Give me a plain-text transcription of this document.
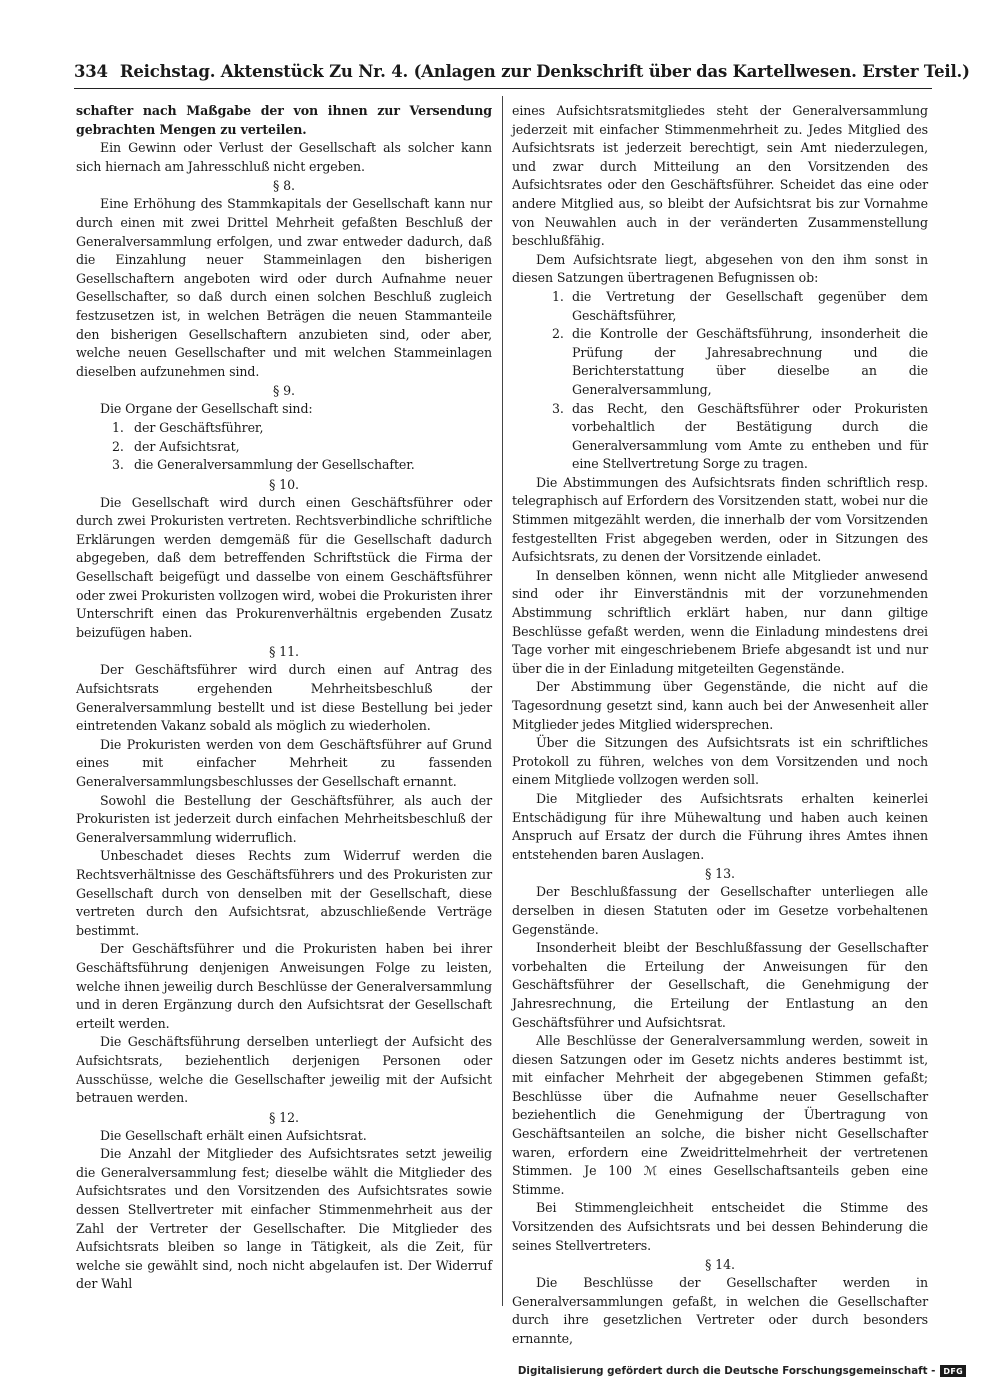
334 Reichstag. Aktenstück Zu Nr. 4. (Anlagen zur Denkschrift über das Kartellwesen. Erster Teil.)

schafter nach Maßgabe der von ihnen zur Versendung gebrachten Mengen zu verteilen.

Ein Gewinn oder Verlust der Gesellschaft als solcher kann sich hiernach am Jahresschluß nicht ergeben.

§ 8.

Eine Erhöhung des Stammkapitals der Gesellschaft kann nur durch einen mit zwei Drittel Mehrheit gefaßten Beschluß der Generalversammlung erfolgen, und zwar entweder dadurch, daß die Einzahlung neuer Stammeinlagen den bisherigen Gesellschaftern angeboten wird oder durch Aufnahme neuer Gesellschafter, so daß durch einen solchen Beschluß zugleich festzusetzen ist, in welchen Beträgen die neuen Stammanteile den bisherigen Gesellschaftern anzubieten sind, oder aber, welche neuen Gesellschafter und mit welchen Stammeinlagen dieselben aufzunehmen sind.

§ 9.

Die Organe der Gesellschaft sind:

1. der Geschäftsführer,
2. der Aufsichtsrat,
3. die Generalversammlung der Gesellschafter.
§ 10.

Die Gesellschaft wird durch einen Geschäftsführer oder durch zwei Prokuristen vertreten. Rechtsverbindliche schriftliche Erklärungen werden demgemäß für die Gesellschaft dadurch abgegeben, daß dem betreffenden Schriftstück die Firma der Gesellschaft beigefügt und dasselbe von einem Geschäftsführer oder zwei Prokuristen vollzogen wird, wobei die Prokuristen ihrer Unterschrift einen das Prokurenverhältnis ergebenden Zusatz beizufügen haben.

§ 11.

Der Geschäftsführer wird durch einen auf Antrag des Aufsichtsrats ergehenden Mehrheitsbeschluß der Generalversammlung bestellt und ist diese Bestellung bei jeder eintretenden Vakanz sobald als möglich zu wiederholen.

Die Prokuristen werden von dem Geschäftsführer auf Grund eines mit einfacher Mehrheit zu fassenden Generalversammlungsbeschlusses der Gesellschaft ernannt.

Sowohl die Bestellung der Geschäftsführer, als auch der Prokuristen ist jederzeit durch einfachen Mehrheitsbeschluß der Generalversammlung widerruflich.

Unbeschadet dieses Rechts zum Widerruf werden die Rechtsverhältnisse des Geschäftsführers und des Prokuristen zur Gesellschaft durch von denselben mit der Gesellschaft, diese vertreten durch den Aufsichtsrat, abzuschließende Verträge bestimmt.

Der Geschäftsführer und die Prokuristen haben bei ihrer Geschäftsführung denjenigen Anweisungen Folge zu leisten, welche ihnen jeweilig durch Beschlüsse der Generalversammlung und in deren Ergänzung durch den Aufsichtsrat der Gesellschaft erteilt werden.

Die Geschäftsführung derselben unterliegt der Aufsicht des Aufsichtsrats, beziehentlich derjenigen Personen oder Ausschüsse, welche die Gesellschafter jeweilig mit der Aufsicht betrauen werden.

§ 12.

Die Gesellschaft erhält einen Aufsichtsrat.

Die Anzahl der Mitglieder des Aufsichtsrates setzt jeweilig die Generalversammlung fest; dieselbe wählt die Mitglieder des Aufsichtsrates und den Vorsitzenden des Aufsichtsrates sowie dessen Stellvertreter mit einfacher Stimmenmehrheit aus der Zahl der Vertreter der Gesellschafter. Die Mitglieder des Aufsichtsrats bleiben so lange in Tätigkeit, als die Zeit, für welche sie gewählt sind, noch nicht abgelaufen ist. Der Widerruf der Wahl

eines Aufsichtsratsmitgliedes steht der Generalversammlung jederzeit mit einfacher Stimmenmehrheit zu. Jedes Mitglied des Aufsichtsrats ist jederzeit berechtigt, sein Amt niederzulegen, und zwar durch Mitteilung an den Vorsitzenden des Aufsichtsrates oder den Geschäftsführer. Scheidet das eine oder andere Mitglied aus, so bleibt der Aufsichtsrat bis zur Vornahme von Neuwahlen auch in der veränderten Zusammenstellung beschlußfähig.

Dem Aufsichtsrate liegt, abgesehen von den ihm sonst in diesen Satzungen übertragenen Befugnissen ob:

1. die Vertretung der Gesellschaft gegenüber dem Geschäftsführer,
2. die Kontrolle der Geschäftsführung, insonderheit die Prüfung der Jahresabrechnung und die Berichterstattung über dieselbe an die Generalversammlung,
3. das Recht, den Geschäftsführer oder Prokuristen vorbehaltlich der Bestätigung durch die Generalversammlung vom Amte zu entheben und für eine Stellvertretung Sorge zu tragen.

Die Abstimmungen des Aufsichtsrats finden schriftlich resp. telegraphisch auf Erfordern des Vorsitzenden statt, wobei nur die Stimmen mitgezählt werden, die innerhalb der vom Vorsitzenden festgestellten Frist abgegeben werden, oder in Sitzungen des Aufsichtsrats, zu denen der Vorsitzende einladet.

In denselben können, wenn nicht alle Mitglieder anwesend sind oder ihr Einverständnis mit der vorzunehmenden Abstimmung schriftlich erklärt haben, nur dann giltige Beschlüsse gefaßt werden, wenn die Einladung mindestens drei Tage vorher mit eingeschriebenem Briefe abgesandt ist und nur über die in der Einladung mitgeteilten Gegenstände.

Der Abstimmung über Gegenstände, die nicht auf die Tagesordnung gesetzt sind, kann auch bei der Anwesenheit aller Mitglieder jedes Mitglied widersprechen.

Über die Sitzungen des Aufsichtsrats ist ein schriftliches Protokoll zu führen, welches von dem Vorsitzenden und noch einem Mitgliede vollzogen werden soll.

Die Mitglieder des Aufsichtsrats erhalten keinerlei Entschädigung für ihre Mühewaltung und haben auch keinen Anspruch auf Ersatz der durch die Führung ihres Amtes ihnen entstehenden baren Auslagen.

§ 13.

Der Beschlußfassung der Gesellschafter unterliegen alle derselben in diesen Statuten oder im Gesetze vorbehaltenen Gegenstände.

Insonderheit bleibt der Beschlußfassung der Gesellschafter vorbehalten die Erteilung der Anweisungen für den Geschäftsführer der Gesellschaft, die Genehmigung der Jahresrechnung, die Erteilung der Entlastung an den Geschäftsführer und Aufsichtsrat.

Alle Beschlüsse der Generalversammlung werden, soweit in diesen Satzungen oder im Gesetz nichts anderes bestimmt ist, mit einfacher Mehrheit der abgegebenen Stimmen gefaßt; Beschlüsse über die Aufnahme neuer Gesellschafter beziehentlich die Genehmigung der Übertragung von Geschäftsanteilen an solche, die bisher nicht Gesellschafter waren, erfordern eine Zweidrittelmehrheit der vertretenen Stimmen. Je 100 ℳ eines Gesellschaftsanteils geben eine Stimme.

Bei Stimmengleichheit entscheidet die Stimme des Vorsitzenden des Aufsichtsrats und bei dessen Behinderung die seines Stellvertreters.

§ 14.

Die Beschlüsse der Gesellschafter werden in Generalversammlungen gefaßt, in welchen die Gesellschafter durch ihre gesetzlichen Vertreter oder durch besonders ernannte,

Digitalisierung gefördert durch die Deutsche Forschungsgemeinschaft -	DFG
